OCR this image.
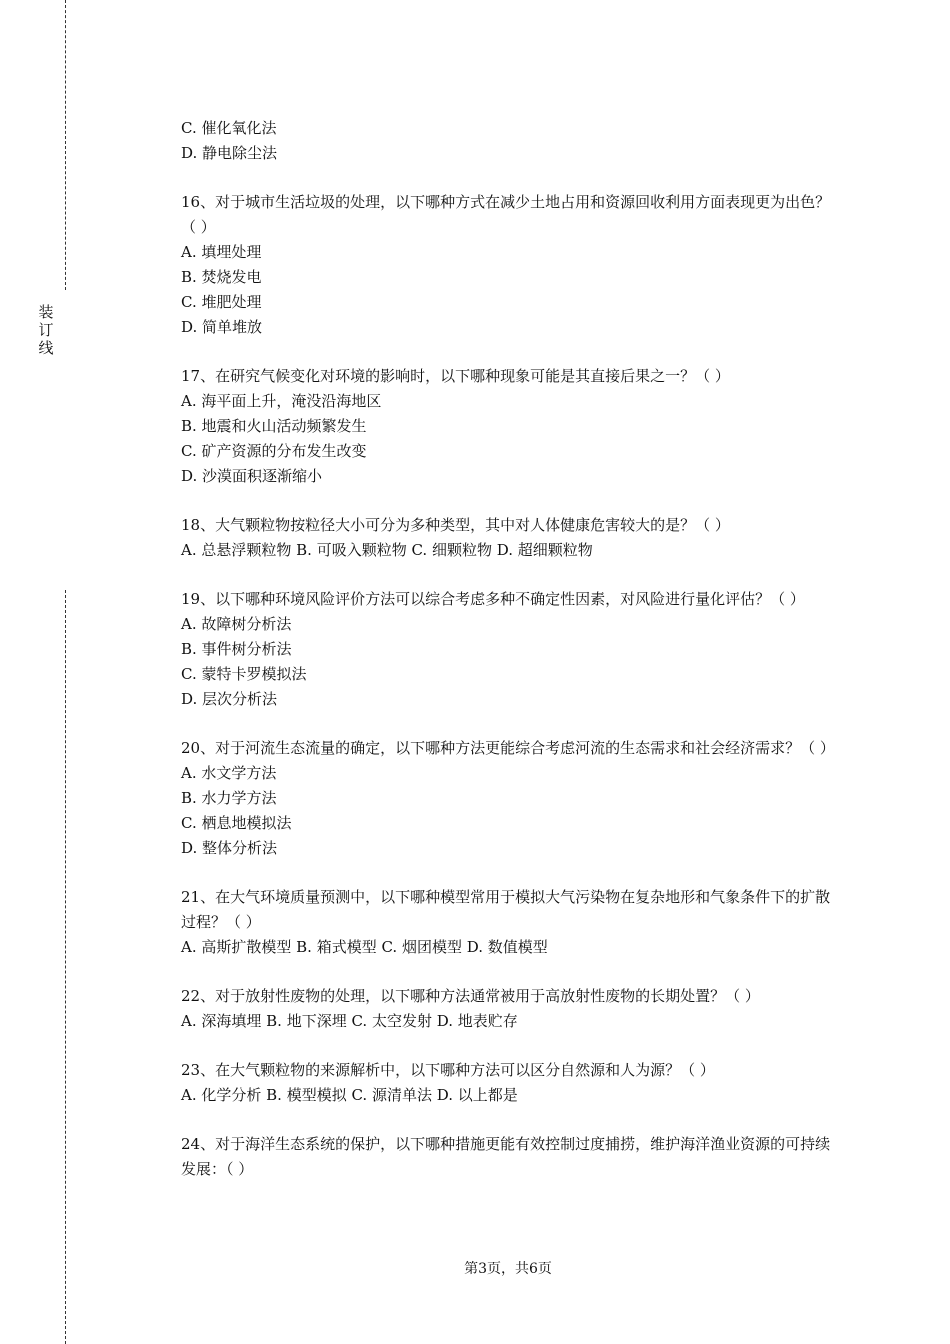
装
订
线
C. 催化氧化法
D. 静电除尘法
16、对于城市生活垃圾的处理，以下哪种方式在减少土地占用和资源回收利用方面表现更为出色？（ ）
A. 填埋处理
B. 焚烧发电
C. 堆肥处理
D. 简单堆放
17、在研究气候变化对环境的影响时，以下哪种现象可能是其直接后果之一？（ ）
A. 海平面上升，淹没沿海地区
B. 地震和火山活动频繁发生
C. 矿产资源的分布发生改变
D. 沙漠面积逐渐缩小
18、大气颗粒物按粒径大小可分为多种类型，其中对人体健康危害较大的是？（ ）
A. 总悬浮颗粒物 B. 可吸入颗粒物 C. 细颗粒物 D. 超细颗粒物
19、以下哪种环境风险评价方法可以综合考虑多种不确定性因素，对风险进行量化评估？（ ）
A. 故障树分析法
B. 事件树分析法
C. 蒙特卡罗模拟法
D. 层次分析法
20、对于河流生态流量的确定，以下哪种方法更能综合考虑河流的生态需求和社会经济需求？（ ）
A. 水文学方法
B. 水力学方法
C. 栖息地模拟法
D. 整体分析法
21、在大气环境质量预测中，以下哪种模型常用于模拟大气污染物在复杂地形和气象条件下的扩散过程？（ ）
A. 高斯扩散模型 B. 箱式模型 C. 烟团模型 D. 数值模型
22、对于放射性废物的处理，以下哪种方法通常被用于高放射性废物的长期处置？（ ）
A. 深海填埋 B. 地下深埋 C. 太空发射 D. 地表贮存
23、在大气颗粒物的来源解析中，以下哪种方法可以区分自然源和人为源？（ ）
A. 化学分析 B. 模型模拟 C. 源清单法 D. 以上都是
24、对于海洋生态系统的保护，以下哪种措施更能有效控制过度捕捞，维护海洋渔业资源的可持续发展：（ ）
第3页，共6页
